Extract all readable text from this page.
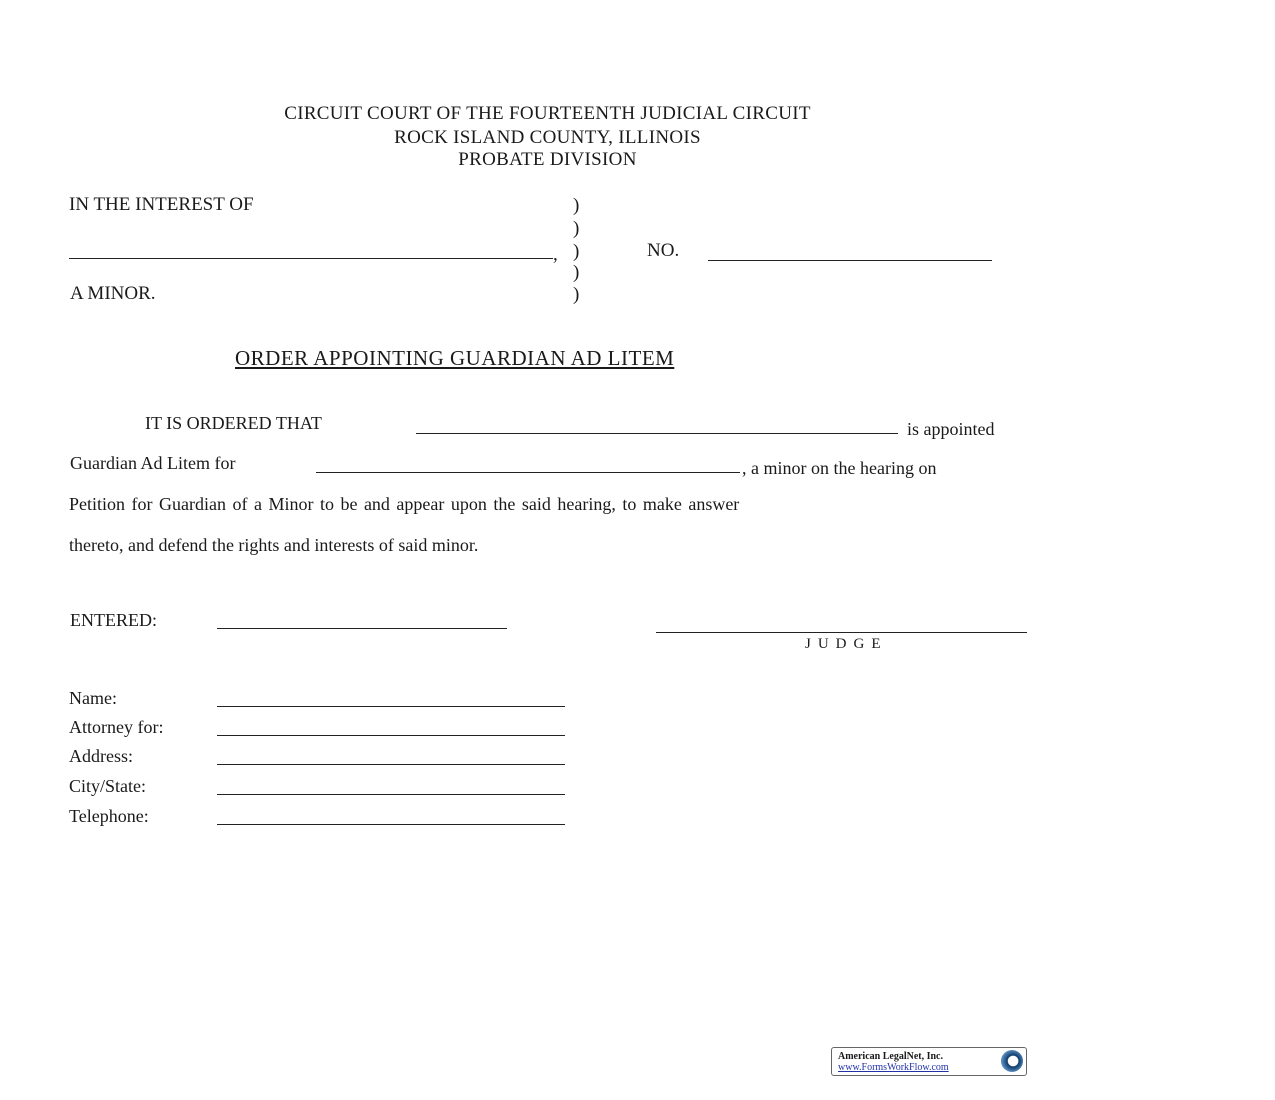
CIRCUIT COURT OF THE FOURTEENTH JUDICIAL CIRCUIT
ROCK ISLAND COUNTY, ILLINOIS
PROBATE DIVISION
IN THE INTEREST OF
,
A MINOR.
)
)
)
)
)
NO.
ORDER APPOINTING GUARDIAN AD LITEM
IT IS ORDERED THAT	is appointed
Guardian Ad Litem for	, a minor on the hearing on
Petition for Guardian of a Minor to be and appear upon the said hearing, to make answer
thereto, and defend the rights and interests of said minor.
ENTERED:
JUDGE
Name:
Attorney for:
Address:
City/State:
Telephone:
American LegalNet, Inc.
www.FormsWorkFlow.com
